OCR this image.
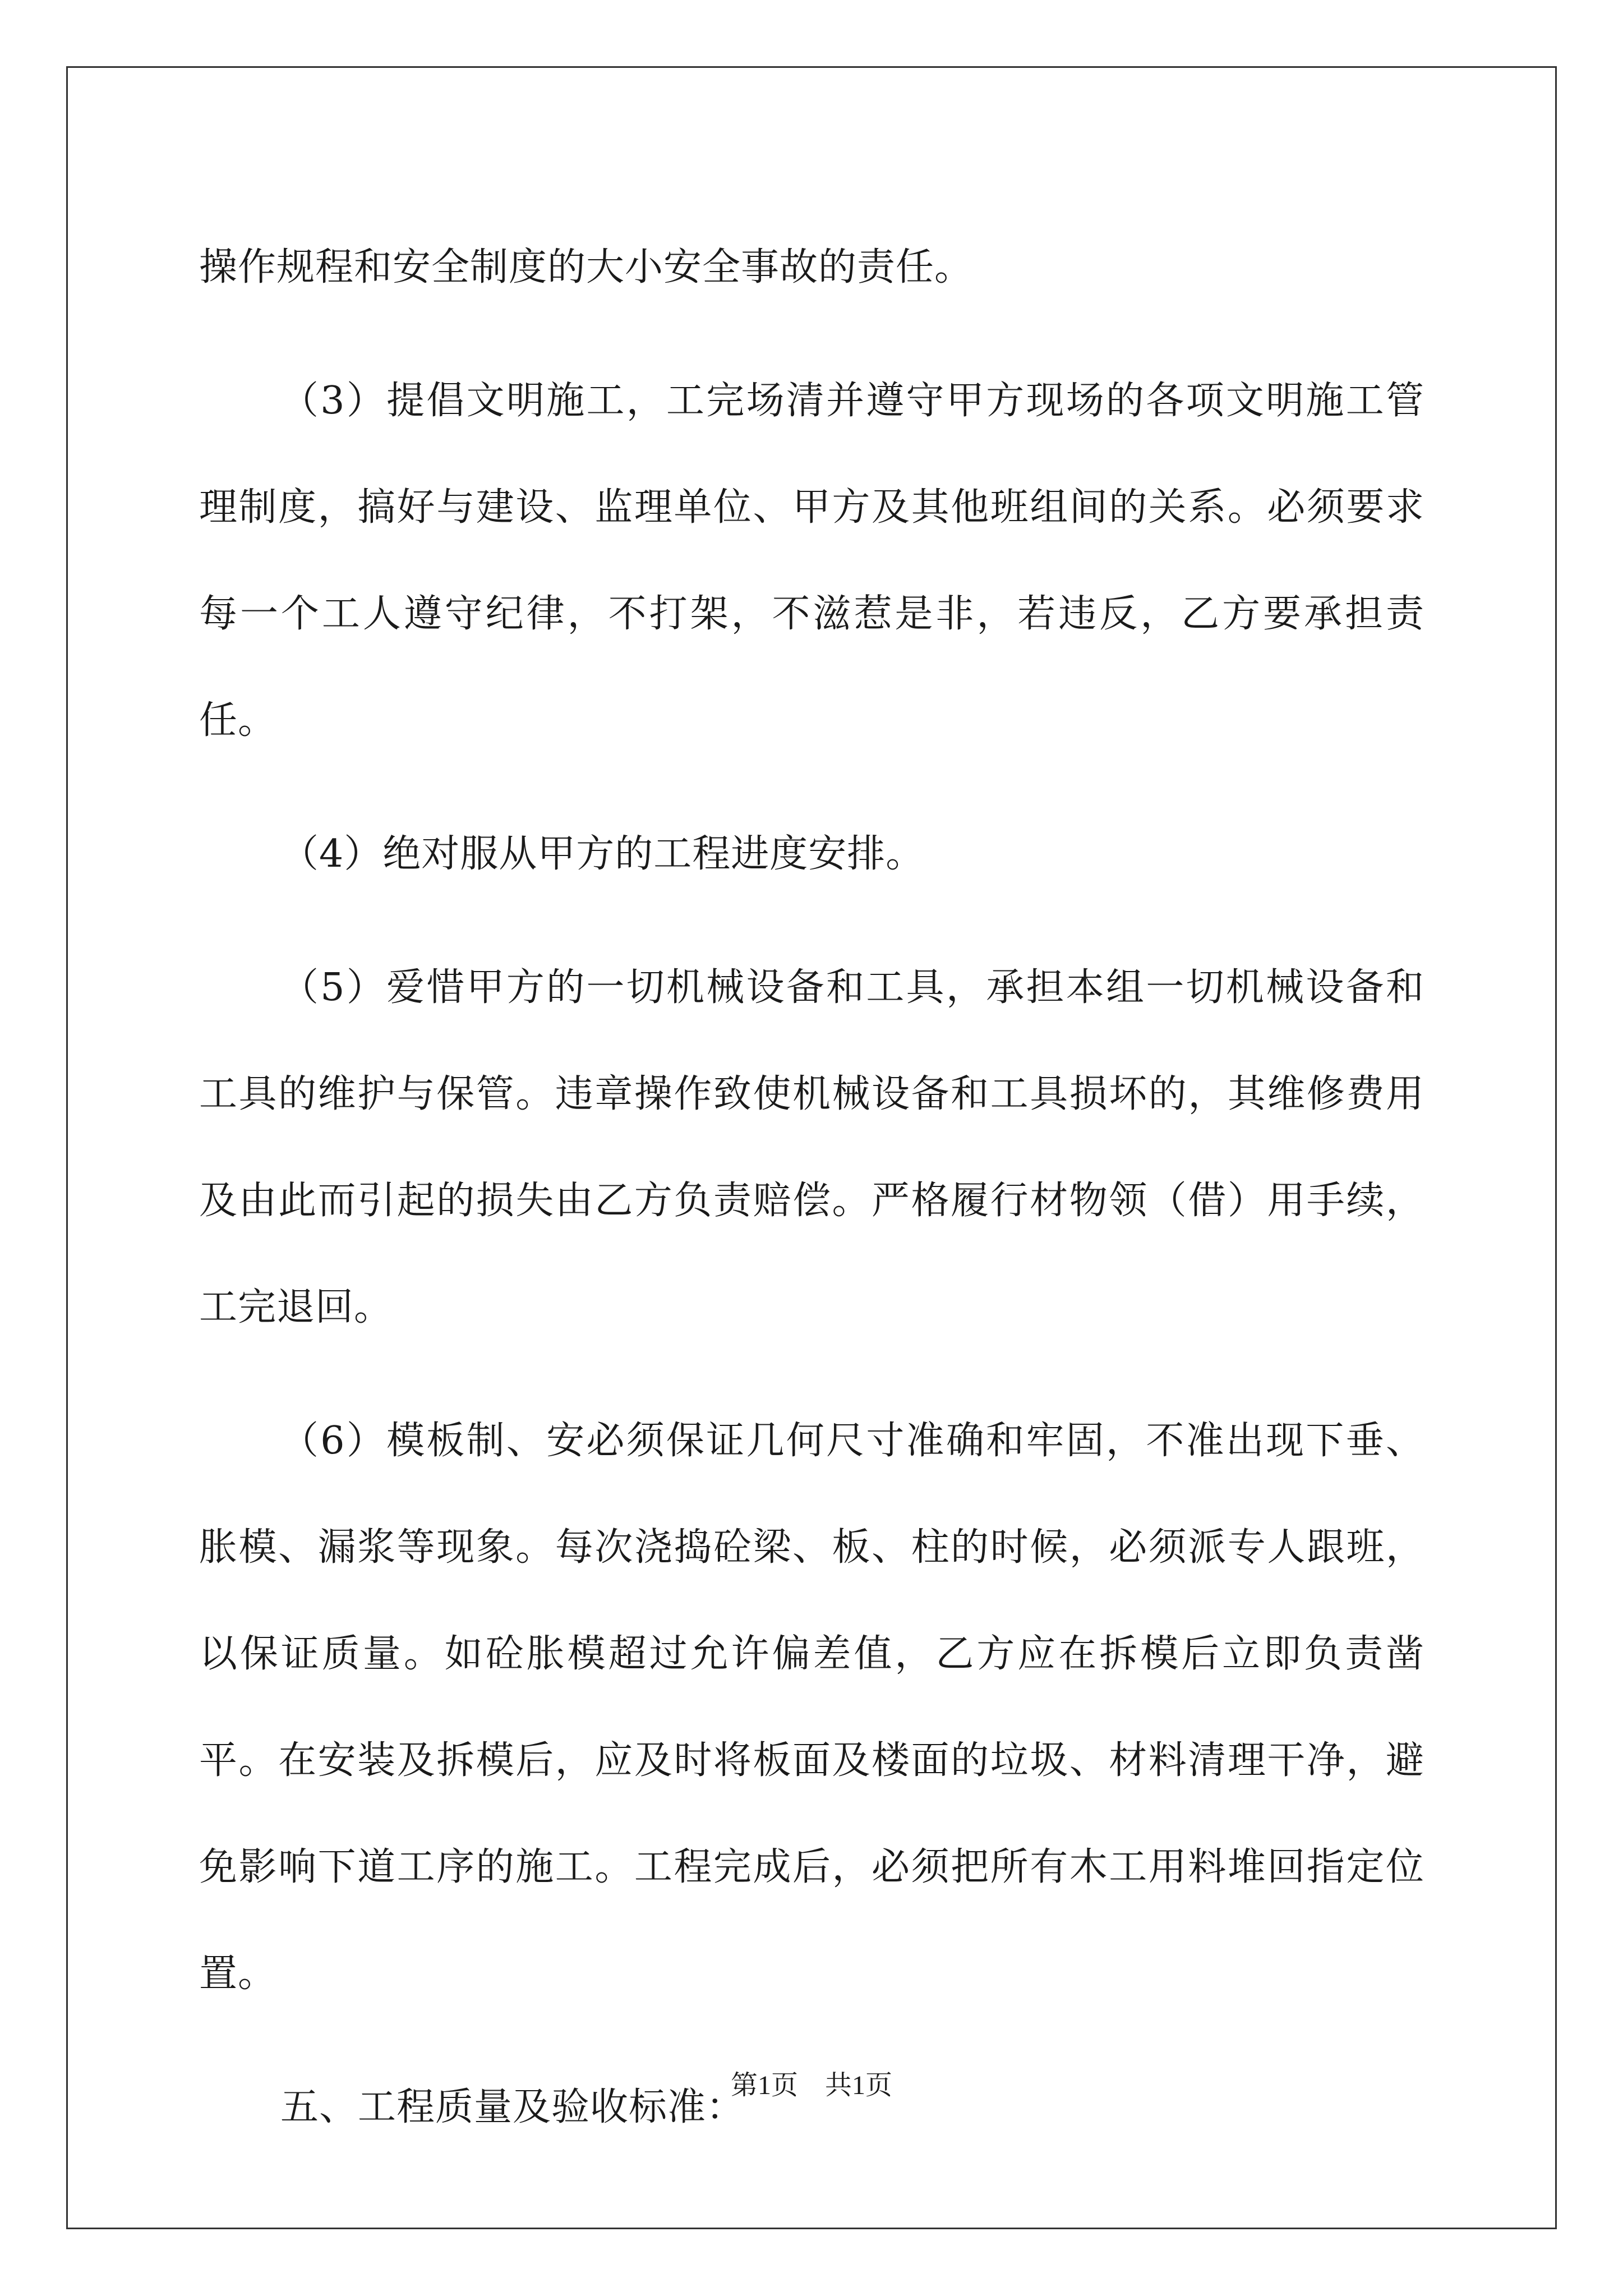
操作规程和安全制度的大小安全事故的责任。

（3）提倡文明施工，工完场清并遵守甲方现场的各项文明施工管理制度，搞好与建设、监理单位、甲方及其他班组间的关系。必须要求每一个工人遵守纪律，不打架，不滋惹是非，若违反，乙方要承担责任。

（4）绝对服从甲方的工程进度安排。

（5）爱惜甲方的一切机械设备和工具，承担本组一切机械设备和工具的维护与保管。违章操作致使机械设备和工具损坏的，其维修费用及由此而引起的损失由乙方负责赔偿。严格履行材物领（借）用手续，工完退回。

（6）模板制、安必须保证几何尺寸准确和牢固，不准出现下垂、胀模、漏浆等现象。每次浇捣砼梁、板、柱的时候，必须派专人跟班，以保证质量。如砼胀模超过允许偏差值，乙方应在拆模后立即负责凿平。在安装及拆模后，应及时将板面及楼面的垃圾、材料清理干净，避免影响下道工序的施工。工程完成后，必须把所有木工用料堆回指定位置。

五、工程质量及验收标准：

第1页　共1页
